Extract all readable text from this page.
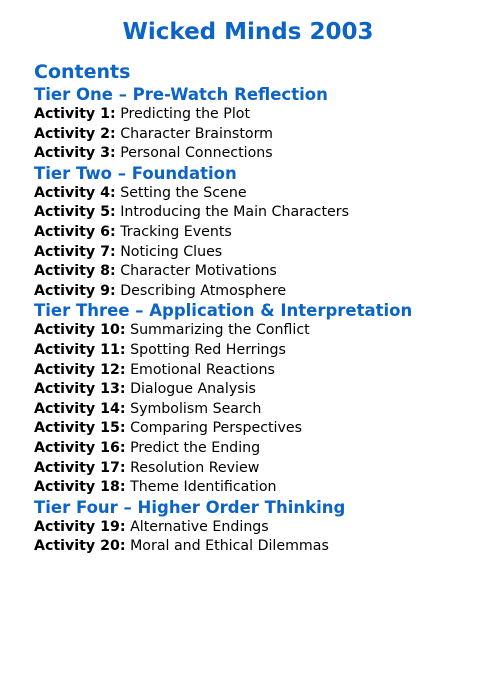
Wicked Minds 2003
Contents
Tier One – Pre-Watch Reflection

Activity 1: Predicting the Plot

Activity 2: Character Brainstorm

Activity 3: Personal Connections

Tier Two – Foundation

Activity 4: Setting the Scene

Activity 5: Introducing the Main Characters

Activity 6: Tracking Events

Activity 7: Noticing Clues

Activity 8: Character Motivations

Activity 9: Describing Atmosphere

Tier Three – Application & Interpretation

Activity 10: Summarizing the Conflict

Activity 11: Spotting Red Herrings

Activity 12: Emotional Reactions

Activity 13: Dialogue Analysis

Activity 14: Symbolism Search

Activity 15: Comparing Perspectives

Activity 16: Predict the Ending

Activity 17: Resolution Review

Activity 18: Theme Identification

Tier Four – Higher Order Thinking

Activity 19: Alternative Endings

Activity 20: Moral and Ethical Dilemmas
